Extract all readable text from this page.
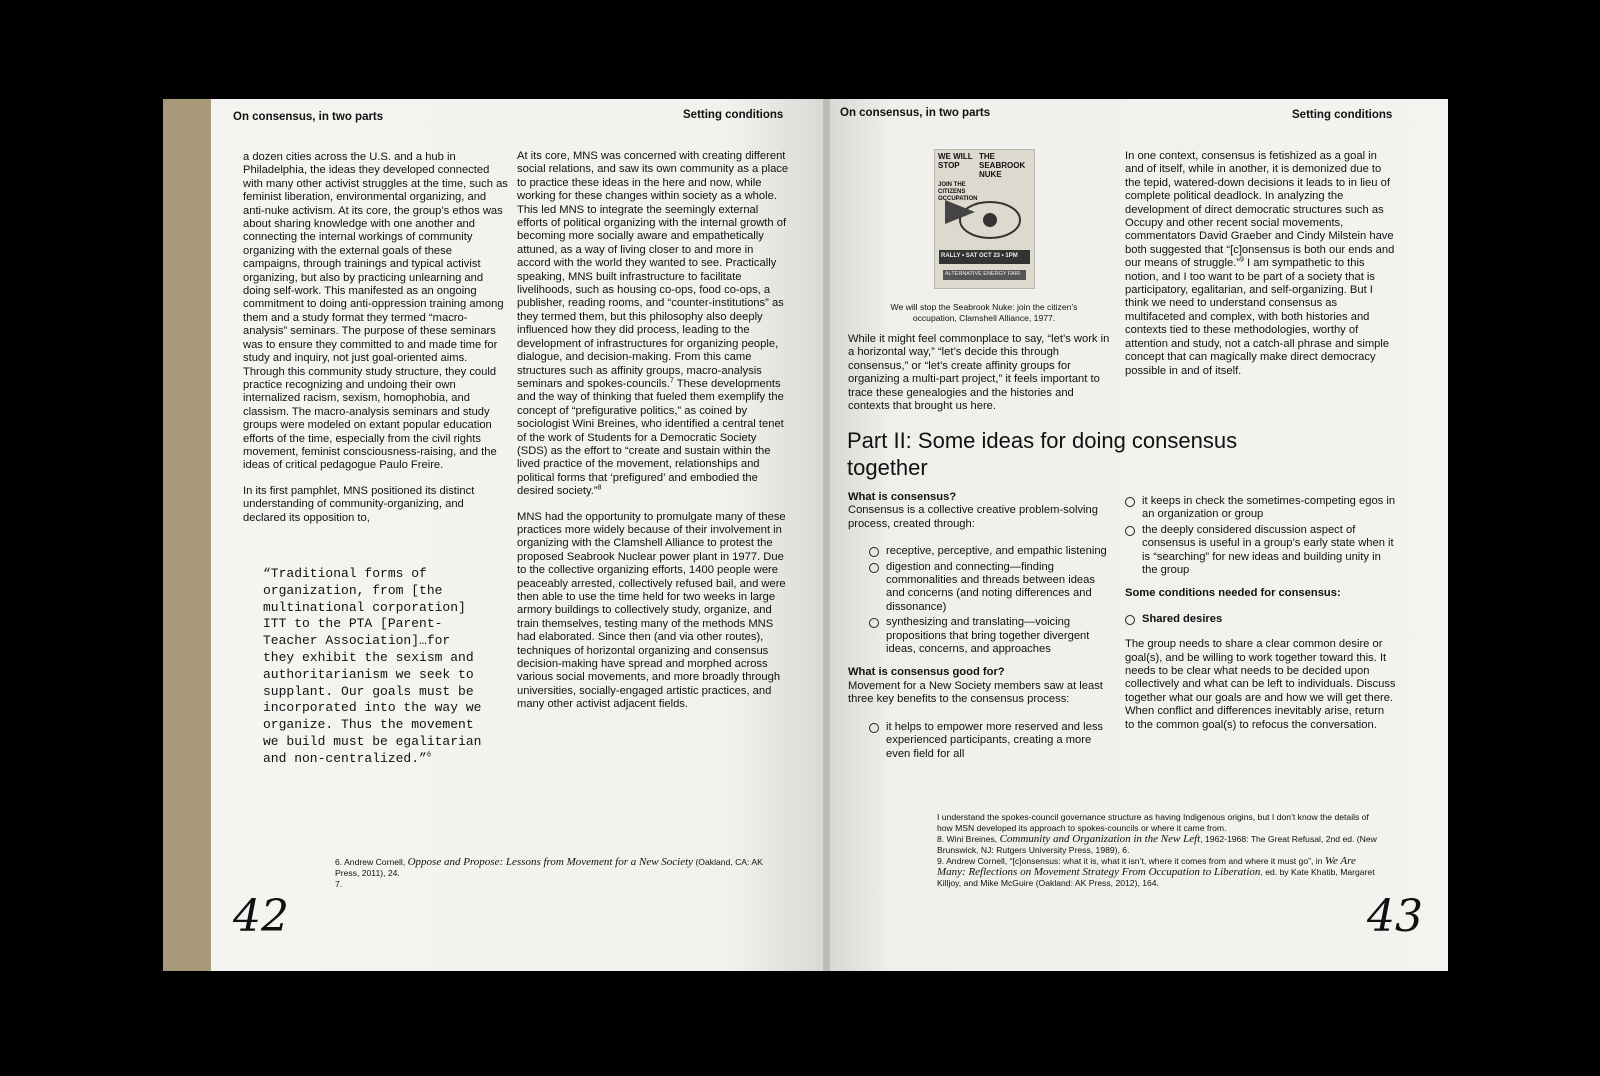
On consensus, in two parts	Setting conditions

a dozen cities across the U.S. and a hub in Philadelphia, the ideas they developed connected with many other activist struggles at the time, such as feminist liberation, environmental organizing, and anti-nuke activism. At its core, the group’s ethos was about sharing knowledge with one another and connecting the internal workings of community organizing with the external goals of these campaigns, through trainings and typical activist organizing, but also by practicing unlearning and doing self-work. This manifested as an ongoing commitment to doing anti-oppression training among them and a study format they termed “macro-analysis” seminars. The purpose of these seminars was to ensure they committed to and made time for study and inquiry, not just goal-oriented aims. Through this community study structure, they could practice recognizing and undoing their own internalized racism, sexism, homophobia, and classism. The macro-analysis seminars and study groups were modeled on extant popular education efforts of the time, especially from the civil rights movement, feminist consciousness-raising, and the ideas of critical pedagogue Paulo Freire.

In its first pamphlet, MNS positioned its distinct understanding of community-organizing, and declared its opposition to,

“Traditional forms of organization, from [the multinational corporation] ITT to the PTA [Parent-Teacher Association]…for they exhibit the sexism and authoritarianism we seek to supplant. Our goals must be incorporated into the way we organize. Thus the movement we build must be egalitarian and non-centralized.”$^6$

At its core, MNS was concerned with creating different social relations, and saw its own community as a place to practice these ideas in the here and now, while working for these changes within society as a whole. This led MNS to integrate the seemingly external efforts of political organizing with the internal growth of becoming more socially aware and empathetically attuned, as a way of living closer to and more in accord with the world they wanted to see. Practically speaking, MNS built infrastructure to facilitate livelihoods, such as housing co-ops, food co-ops, a publisher, reading rooms, and “counter-institutions” as they termed them, but this philosophy also deeply influenced how they did process, leading to the development of infrastructures for organizing people, dialogue, and decision-making. From this came structures such as affinity groups, macro-analysis seminars and spokes-councils.$^7$ These developments and the way of thinking that fueled them exemplify the concept of “prefigurative politics,” as coined by sociologist Wini Breines, who identified a central tenet of the work of Students for a Democratic Society (SDS) as the effort to “create and sustain within the lived practice of the movement, relationships and political forms that ‘prefigured’ and embodied the desired society.”$^8$

MNS had the opportunity to promulgate many of these practices more widely because of their involvement in organizing with the Clamshell Alliance to protest the proposed Seabrook Nuclear power plant in 1977. Due to the collective organizing efforts, 1400 people were peaceably arrested, collectively refused bail, and were then able to use the time held for two weeks in large armory buildings to collectively study, organize, and train themselves, testing many of the methods MNS had elaborated. Since then (and via other routes), techniques of horizontal organizing and consensus decision-making have spread and morphed across various social movements, and more broadly through universities, socially-engaged artistic practices, and many other activist adjacent fields.

6. Andrew Cornell, Oppose and Propose: Lessons from Movement for a New Society (Oakland, CA: AK Press, 2011), 24.
7.
42
On consensus, in two parts	Setting conditions
WE WILL STOP
THE SEABROOK NUKE
JOIN THE CITIZENS OCCUPATION
RALLY • SAT OCT 23 • 1PM
ALTERNATIVE ENERGY FAIR
We will stop the Seabrook Nuke: join the citizen’s occupation, Clamshell Alliance, 1977.

While it might feel commonplace to say, “let’s work in a horizontal way,” “let’s decide this through consensus,” or “let’s create affinity groups for organizing a multi-part project,” it feels important to trace these genealogies and the histories and contexts that brought us here.

In one context, consensus is fetishized as a goal in and of itself, while in another, it is demonized due to the tepid, watered-down decisions it leads to in lieu of complete political deadlock. In analyzing the development of direct democratic structures such as Occupy and other recent social movements, commentators David Graeber and Cindy Milstein have both suggested that “[c]onsensus is both our ends and our means of struggle.”$^9$ I am sympathetic to this notion, and I too want to be part of a society that is participatory, egalitarian, and self-organizing. But I think we need to understand consensus as multifaceted and complex, with both histories and contexts tied to these methodologies, worthy of attention and study, not a catch-all phrase and simple concept that can magically make direct democracy possible in and of itself.

Part II: Some ideas for doing consensus together
What is consensus?
Consensus is a collective creative problem-solving process, created through:
receptive, perceptive, and empathic listening
digestion and connecting—finding commonalities and threads between ideas and concerns (and noting differences and dissonance)
synthesizing and translating—voicing propositions that bring together divergent ideas, concerns, and approaches
What is consensus good for?
Movement for a New Society members saw at least three key benefits to the consensus process:
it helps to empower more reserved and less experienced participants, creating a more even field for all
it keeps in check the sometimes-competing egos in an organization or group
the deeply considered discussion aspect of consensus is useful in a group’s early state when it is “searching” for new ideas and building unity in the group
Some conditions needed for consensus:
Shared desires
The group needs to share a clear common desire or goal(s), and be willing to work together toward this. It needs to be clear what needs to be decided upon collectively and what can be left to individuals. Discuss together what our goals are and how we will get there. When conflict and differences inevitably arise, return to the common goal(s) to refocus the conversation.
I understand the spokes-council governance structure as having Indigenous origins, but I don’t know the details of how MSN developed its approach to spokes-councils or where it came from.
8. Wini Breines, Community and Organization in the New Left, 1962-1968: The Great Refusal, 2nd ed. (New Brunswick, NJ: Rutgers University Press, 1989), 6.
9. Andrew Cornell, “[c]onsensus: what it is, what it isn’t, where it comes from and where it must go”, in We Are Many: Reflections on Movement Strategy From Occupation to Liberation, ed. by Kate Khatib, Margaret Killjoy, and Mike McGuire (Oakland: AK Press, 2012), 164.
43
